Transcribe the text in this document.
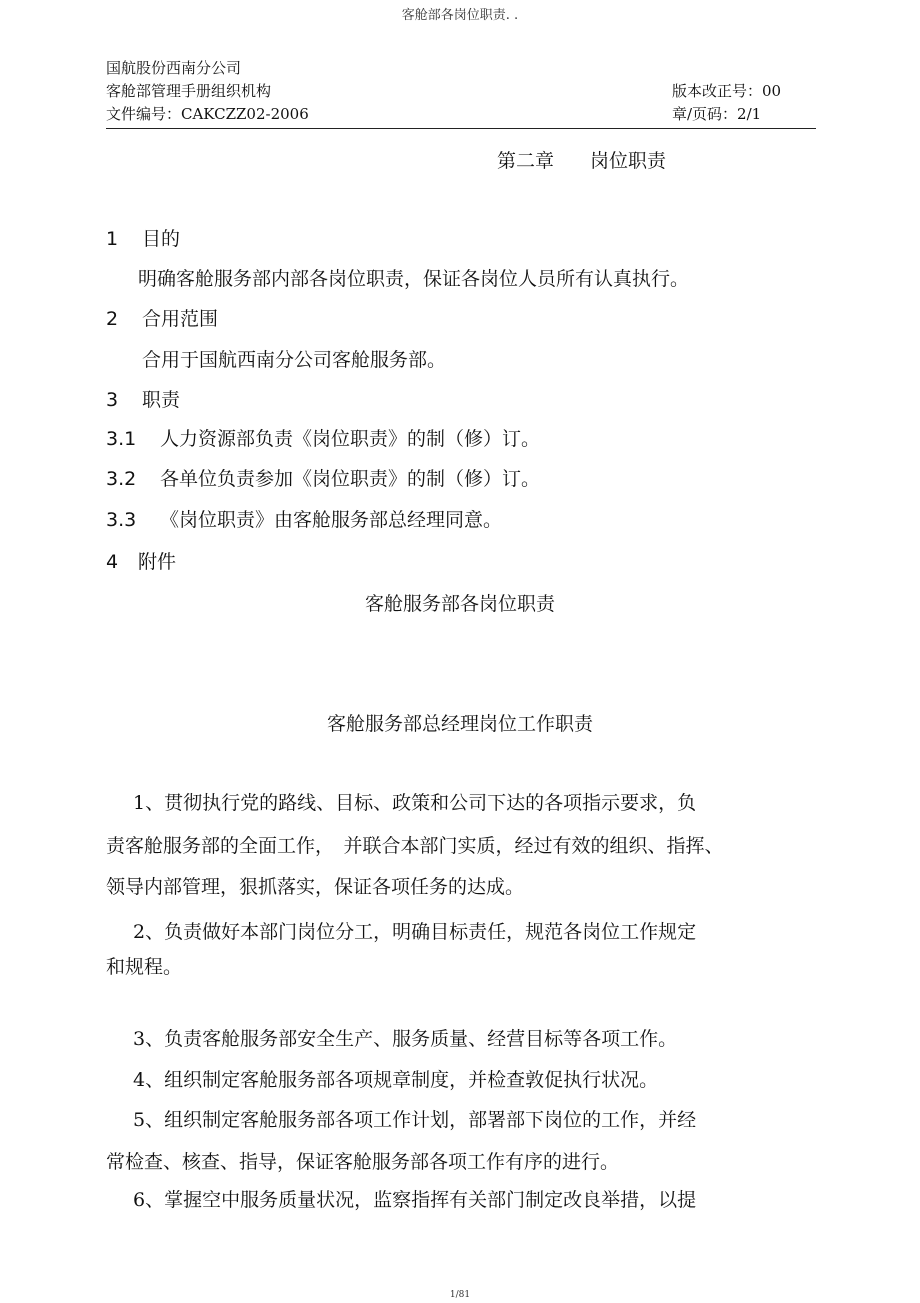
客舱部各岗位职责. .
国航股份西南分公司
客舱部管理手册组织机构
文件编号：CAKCZZ02-2006
版本改正号：00
章/页码：2/1
第二章 岗位职责
1 目的
明确客舱服务部内部各岗位职责，保证各岗位人员所有认真执行。
2 合用范围
合用于国航西南分公司客舱服务部。
3 职责
3.1 人力资源部负责《岗位职责》的制（修）订。
3.2 各单位负责参加《岗位职责》的制（修）订。
3.3 《岗位职责》由客舱服务部总经理同意。
4 附件
客舱服务部各岗位职责
客舱服务部总经理岗位工作职责
1、贯彻执行党的路线、目标、政策和公司下达的各项指示要求，负
责客舱服务部的全面工作，　并联合本部门实质，经过有效的组织、指挥、
领导内部管理，狠抓落实，保证各项任务的达成。
2、负责做好本部门岗位分工，明确目标责任，规范各岗位工作规定
和规程。
3、负责客舱服务部安全生产、服务质量、经营目标等各项工作。
4、组织制定客舱服务部各项规章制度，并检查敦促执行状况。
5、组织制定客舱服务部各项工作计划，部署部下岗位的工作，并经
常检查、核查、指导，保证客舱服务部各项工作有序的进行。
6、掌握空中服务质量状况，监察指挥有关部门制定改良举措，以提
1/81
